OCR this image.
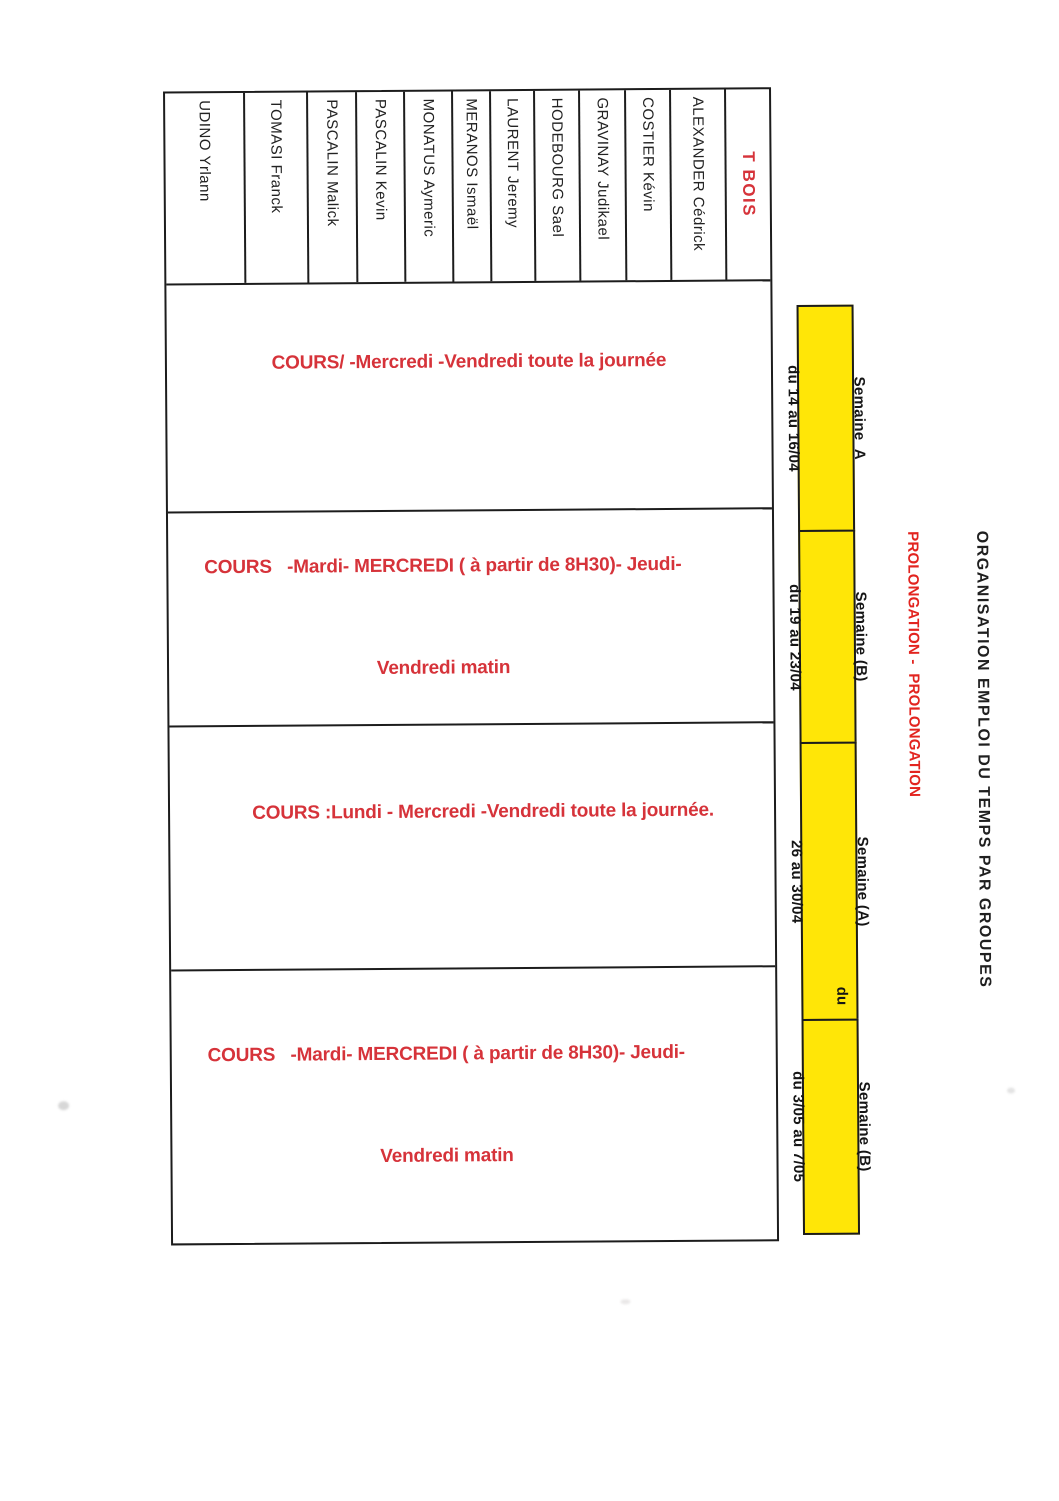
UDINO Yrlann	TOMASI Franck	PASCALIN Malick PASCALIN Kevin MONATUS Aymeric MERANOS Ismaël LAURENT Jeremy HODEBOURG Sael GRAVINAY Judikael COSTIER Kévin ALEXANDER Cédrick T BOIS

COURS/ -Mercredi -Vendredi toute la journée

COURS   -Mardi- MERCREDI ( à partir de 8H30)- Jeudi-

Vendredi matin

COURS :Lundi - Mercredi -Vendredi toute la journée.

COURS   -Mardi- MERCREDI ( à partir de 8H30)- Jeudi-

Vendredi matin

Semaine  A

du 14 au 16/04

Semaine (B)

du 19 au 23/04

Semaine (A)

26 au 30/04

du

Semaine (B)

du 3/05 au 7/05

ORGANISATION EMPLOI DU TEMPS PAR GROUPES

PROLONGATION -  PROLONGATION
